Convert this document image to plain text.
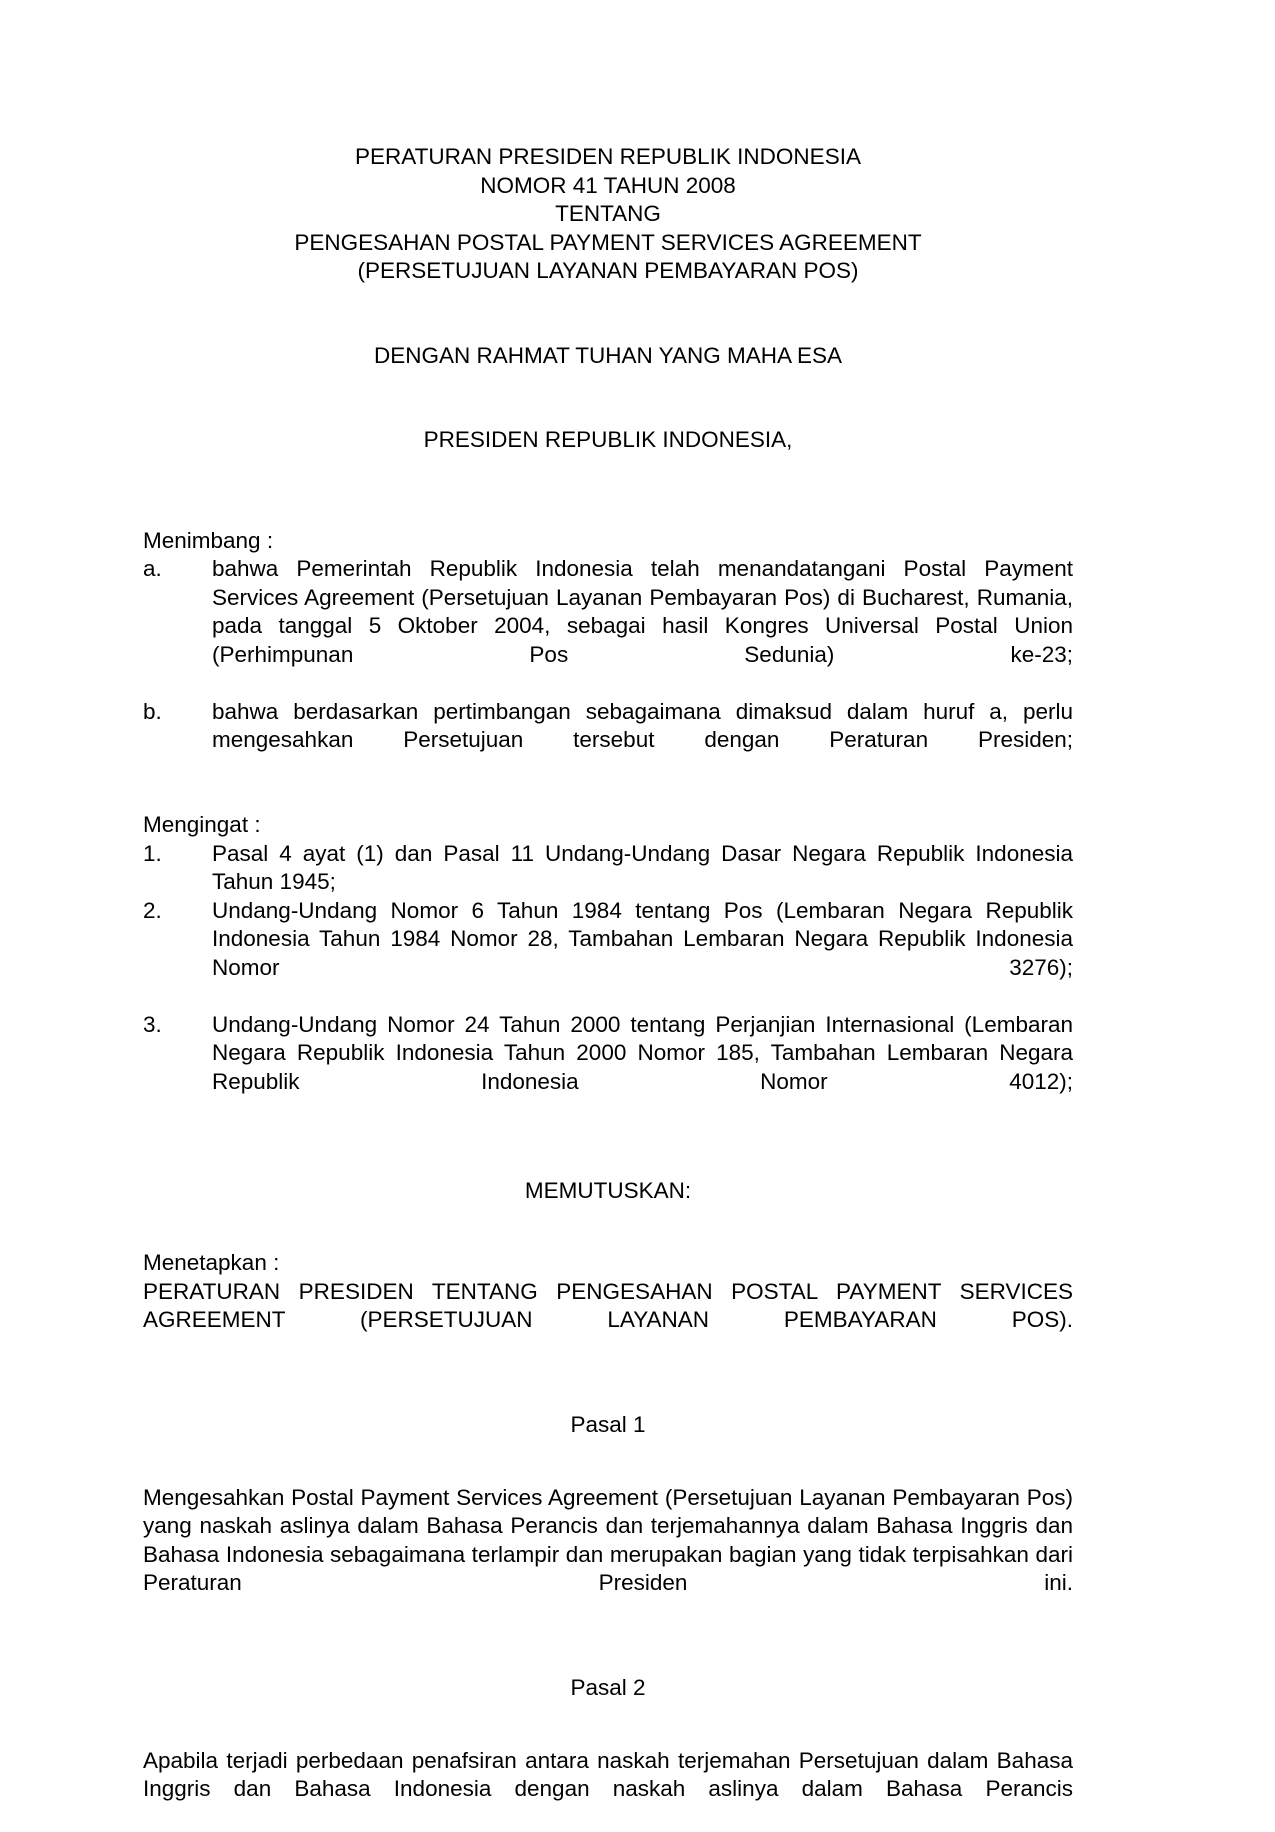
PERATURAN PRESIDEN REPUBLIK INDONESIA
NOMOR 41 TAHUN 2008
TENTANG
PENGESAHAN POSTAL PAYMENT SERVICES AGREEMENT
(PERSETUJUAN LAYANAN PEMBAYARAN POS)
DENGAN RAHMAT TUHAN YANG MAHA ESA
PRESIDEN REPUBLIK INDONESIA,
Menimbang :
a.	bahwa Pemerintah Republik Indonesia telah menandatangani Postal Payment Services Agreement (Persetujuan Layanan Pembayaran Pos) di Bucharest, Rumania, pada tanggal 5 Oktober 2004, sebagai hasil Kongres Universal Postal Union (Perhimpunan Pos Sedunia) ke-23;
b.	bahwa berdasarkan pertimbangan sebagaimana dimaksud dalam huruf a, perlu mengesahkan Persetujuan tersebut dengan Peraturan Presiden;
Mengingat :
1.	Pasal 4 ayat (1) dan Pasal 11 Undang-Undang Dasar Negara Republik Indonesia Tahun 1945;
2.	Undang-Undang Nomor 6 Tahun 1984 tentang Pos (Lembaran Negara Republik Indonesia Tahun 1984 Nomor 28, Tambahan Lembaran Negara Republik Indonesia Nomor 3276);
3.	Undang-Undang Nomor 24 Tahun 2000 tentang Perjanjian Internasional (Lembaran Negara Republik Indonesia Tahun 2000 Nomor 185, Tambahan Lembaran Negara Republik Indonesia Nomor 4012);
MEMUTUSKAN:
Menetapkan :
PERATURAN PRESIDEN TENTANG PENGESAHAN POSTAL PAYMENT SERVICES AGREEMENT (PERSETUJUAN LAYANAN PEMBAYARAN POS).
Pasal 1
Mengesahkan Postal Payment Services Agreement (Persetujuan Layanan Pembayaran Pos) yang naskah aslinya dalam Bahasa Perancis dan terjemahannya dalam Bahasa Inggris dan Bahasa Indonesia sebagaimana terlampir dan merupakan bagian yang tidak terpisahkan dari Peraturan Presiden ini.
Pasal 2
Apabila terjadi perbedaan penafsiran antara naskah terjemahan Persetujuan dalam Bahasa Inggris dan Bahasa Indonesia dengan naskah aslinya dalam Bahasa Perancis
